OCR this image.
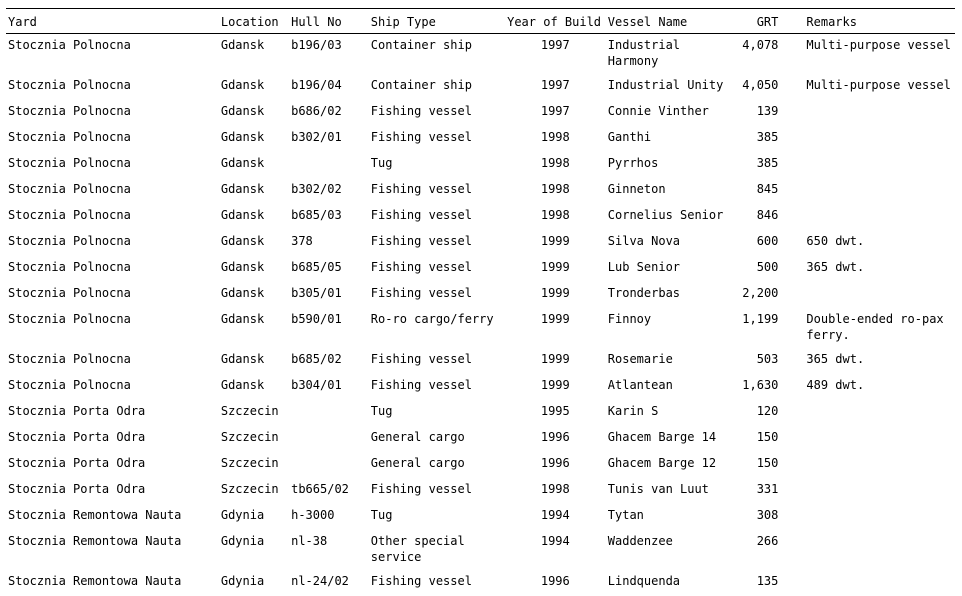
Yard	Location	Hull No	Ship Type	Year of Build	Vessel Name	GRT	Remarks
Stocznia Polnocna	Gdansk	b196/03	Container ship	1997	Industrial Harmony	4,078	Multi-purpose vessel
Stocznia Polnocna	Gdansk	b196/04	Container ship	1997	Industrial Unity	4,050	Multi-purpose vessel
Stocznia Polnocna	Gdansk	b686/02	Fishing vessel	1997	Connie Vinther	139	
Stocznia Polnocna	Gdansk	b302/01	Fishing vessel	1998	Ganthi	385	
Stocznia Polnocna	Gdansk		Tug	1998	Pyrrhos	385	
Stocznia Polnocna	Gdansk	b302/02	Fishing vessel	1998	Ginneton	845	
Stocznia Polnocna	Gdansk	b685/03	Fishing vessel	1998	Cornelius Senior	846	
Stocznia Polnocna	Gdansk	378	Fishing vessel	1999	Silva Nova	600	650 dwt.
Stocznia Polnocna	Gdansk	b685/05	Fishing vessel	1999	Lub Senior	500	365 dwt.
Stocznia Polnocna	Gdansk	b305/01	Fishing vessel	1999	Tronderbas	2,200	
Stocznia Polnocna	Gdansk	b590/01	Ro-ro cargo/ferry	1999	Finnoy	1,199	Double-ended ro-pax ferry.
Stocznia Polnocna	Gdansk	b685/02	Fishing vessel	1999	Rosemarie	503	365 dwt.
Stocznia Polnocna	Gdansk	b304/01	Fishing vessel	1999	Atlantean	1,630	489 dwt.
Stocznia Porta Odra	Szczecin		Tug	1995	Karin S	120	
Stocznia Porta Odra	Szczecin		General cargo	1996	Ghacem Barge 14	150	
Stocznia Porta Odra	Szczecin		General cargo	1996	Ghacem Barge 12	150	
Stocznia Porta Odra	Szczecin	tb665/02	Fishing vessel	1998	Tunis van Luut	331	
Stocznia Remontowa Nauta	Gdynia	h-3000	Tug	1994	Tytan	308	
Stocznia Remontowa Nauta	Gdynia	nl-38	Other special service	1994	Waddenzee	266	
Stocznia Remontowa Nauta	Gdynia	nl-24/02	Fishing vessel	1996	Lindquenda	135	
